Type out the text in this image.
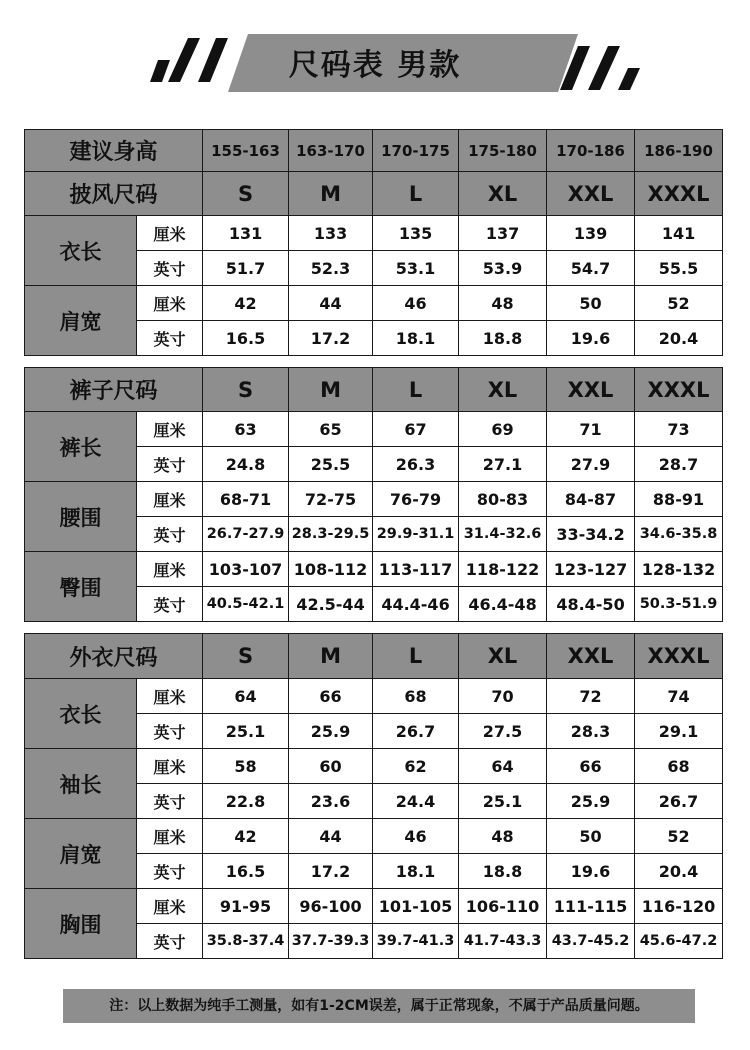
尺码表 男款
建议身高		155-163	163-170	170-175	175-180	170-186	186-190
披风尺码		S	M	L	XL	XXL	XXXL
衣长	厘米	131	133	135	137	139	141
	英寸	51.7	52.3	53.1	53.9	54.7	55.5
肩宽	厘米	42	44	46	48	50	52
	英寸	16.5	17.2	18.1	18.8	19.6	20.4
裤子尺码		S	M	L	XL	XXL	XXXL
裤长	厘米	63	65	67	69	71	73
	英寸	24.8	25.5	26.3	27.1	27.9	28.7
腰围	厘米	68-71	72-75	76-79	80-83	84-87	88-91
	英寸	26.7-27.9	28.3-29.5	29.9-31.1	31.4-32.6	33-34.2	34.6-35.8
臀围	厘米	103-107	108-112	113-117	118-122	123-127	128-132
	英寸	40.5-42.1	42.5-44	44.4-46	46.4-48	48.4-50	50.3-51.9
外衣尺码		S	M	L	XL	XXL	XXXL
衣长	厘米	64	66	68	70	72	74
	英寸	25.1	25.9	26.7	27.5	28.3	29.1
袖长	厘米	58	60	62	64	66	68
	英寸	22.8	23.6	24.4	25.1	25.9	26.7
肩宽	厘米	42	44	46	48	50	52
	英寸	16.5	17.2	18.1	18.8	19.6	20.4
胸围	厘米	91-95	96-100	101-105	106-110	111-115	116-120
	英寸	35.8-37.4	37.7-39.3	39.7-41.3	41.7-43.3	43.7-45.2	45.6-47.2
注：以上数据为纯手工测量，如有1-2CM误差，属于正常现象，不属于产品质量问题。
